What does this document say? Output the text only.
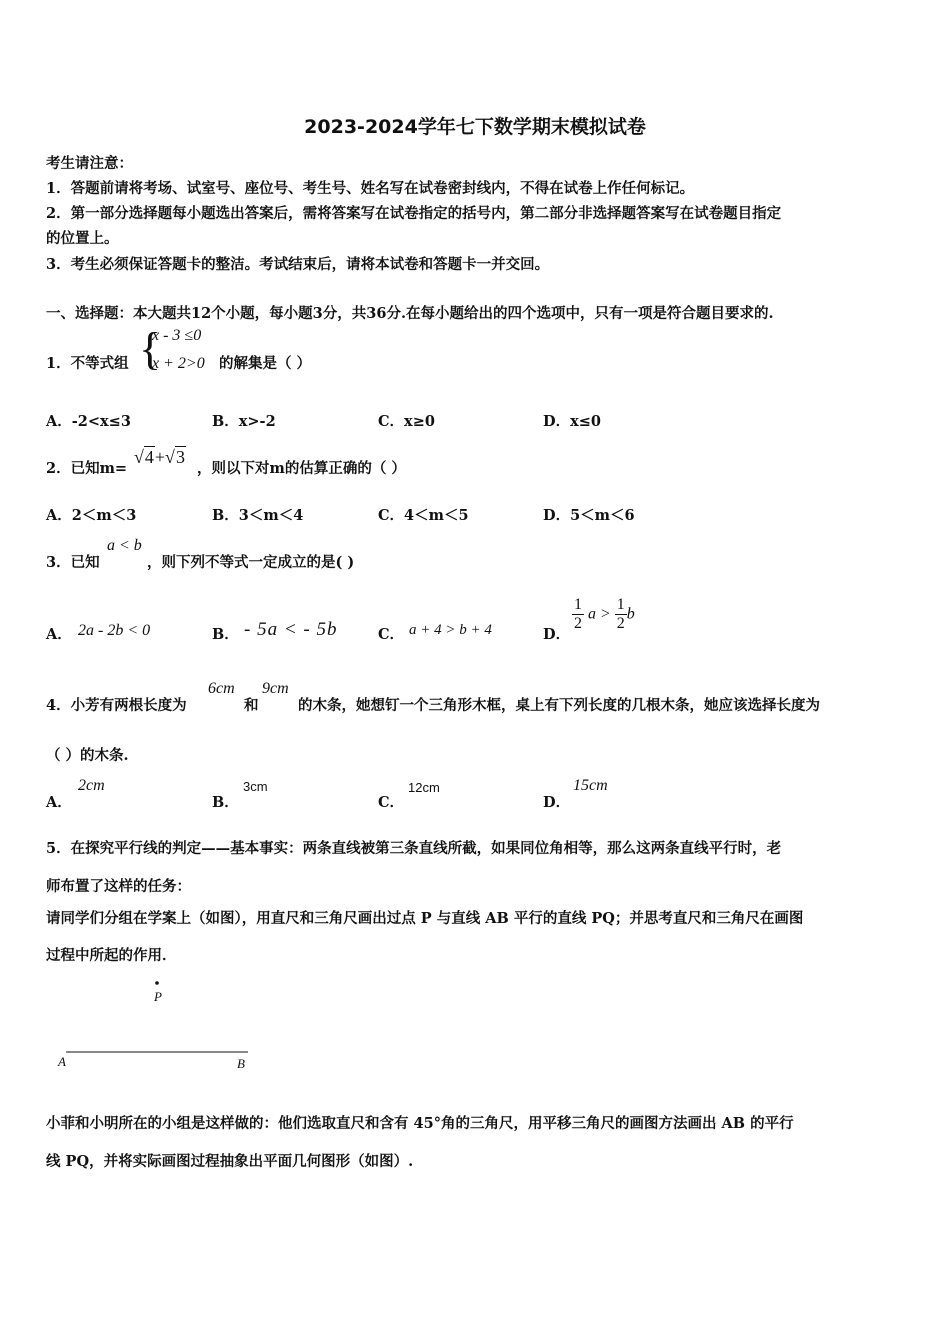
2023-2024学年七下数学期末模拟试卷
考生请注意：
1．答题前请将考场、试室号、座位号、考生号、姓名写在试卷密封线内，不得在试卷上作任何标记。
2．第一部分选择题每小题选出答案后，需将答案写在试卷指定的括号内，第二部分非选择题答案写在试卷题目指定
的位置上。
3．考生必须保证答题卡的整洁。考试结束后，请将本试卷和答题卡一并交回。
一、选择题：本大题共12个小题，每小题3分，共36分.在每小题给出的四个选项中，只有一项是符合题目要求的.
1．不等式组 {
x - 3 ≤0
x + 2>0 的解集是（ ）
A．-2<x≤3	B．x>-2	C．x≥0	D．x≤0
2．已知m=
√4+√3
，则以下对m的估算正确的（ ）
A．2＜m＜3	B．3＜m＜4	C．4＜m＜5	D．5＜m＜6
3．已知
a < b
，则下列不等式一定成立的是( )
A． 2a - 2b < 0	B． - 5a < - 5b	C． a + 4 > b + 4	D．
$\frac{1}{2}$ $a > \frac{1}{2}$ b
4．小芳有两根长度为
6cm
和
9cm
的木条，她想钉一个三角形木框，桌上有下列长度的几根木条，她应该选择长度为
（ ）的木条.
A．
2cm
B．
3cm
C．
12cm
D．
15cm
5．在探究平行线的判定——基本事实：两条直线被第三条直线所截，如果同位角相等，那么这两条直线平行时，老
师布置了这样的任务：
请同学们分组在学案上（如图），用直尺和三角尺画出过点 P 与直线 AB 平行的直线 PQ；并思考直尺和三角尺在画图
过程中所起的作用．
P
A	B
小菲和小明所在的小组是这样做的：他们选取直尺和含有 45°角的三角尺，用平移三角尺的画图方法画出 AB 的平行
线 PQ，并将实际画图过程抽象出平面几何图形（如图）.
